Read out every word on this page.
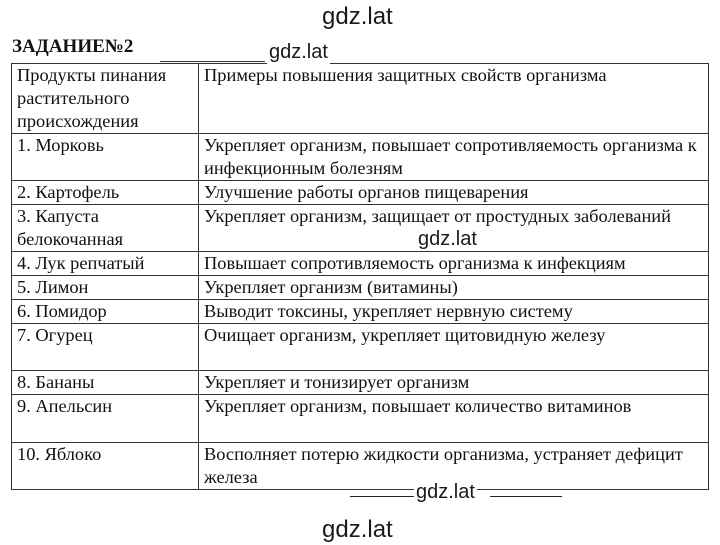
gdz.lat
ЗАДАНИЕ№2
Продукты пинания растительного происхождения	Примеры повышения защитных свойств организма
1. Морковь	Укрепляет организм, повышает сопротивляемость организма к инфекционным болезням
2. Картофель	Улучшение работы органов пищеварения
3. Капуста белокочанная	Укрепляет организм, защищает от простудных заболеваний
4. Лук репчатый	Повышает сопротивляемость организма к инфекциям
5. Лимон	Укрепляет организм (витамины)
6. Помидор	Выводит токсины, укрепляет нервную систему
7. Огурец	Очищает организм, укрепляет щитовидную железу
8. Бананы	Укрепляет и тонизирует организм
9. Апельсин	Укрепляет организм, повышает количество витаминов
10. Яблоко	Восполняет потерю жидкости организма, устраняет дефицит железа
gdz.lat
gdz.lat
gdz.lat
gdz.lat
